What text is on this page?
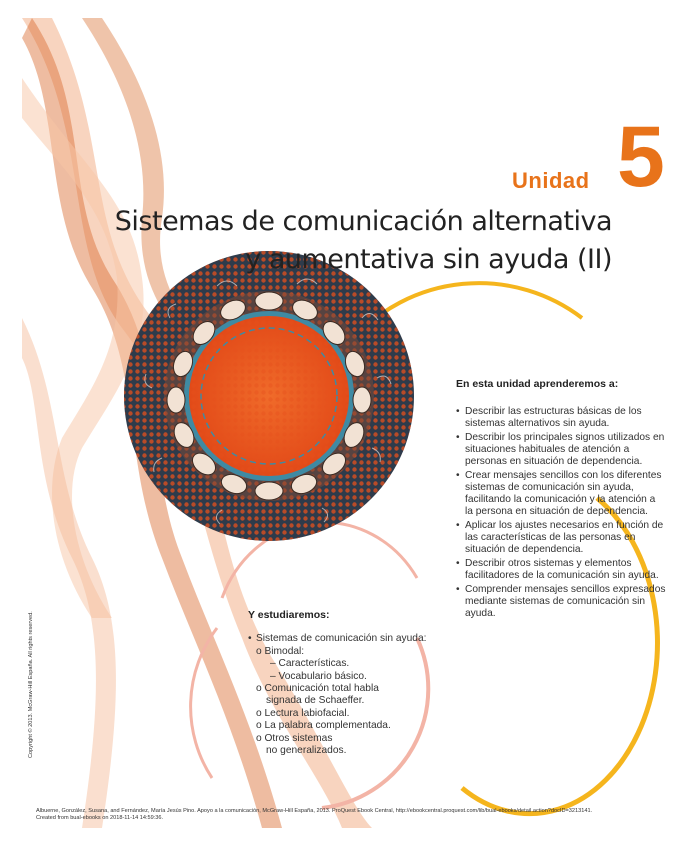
Unidad 5
Sistemas de comunicación alternativa
y aumentativa sin ayuda (II)
En esta unidad aprenderemos a:
• Describir las estructuras básicas de los sistemas alternativos sin ayuda.
• Describir los principales signos utilizados en situaciones habituales de atención a personas en situación de dependencia.
• Crear mensajes sencillos con los diferentes sistemas de comunicación sin ayuda, facilitando la comunicación y la atención a la persona en situación de dependencia.
• Aplicar los ajustes necesarios en función de las características de las personas en situación de dependencia.
• Describir otros sistemas y elementos facilitadores de la comunicación sin ayuda.
• Comprender mensajes sencillos expresados mediante sistemas de comunicación sin ayuda.
Y estudiaremos:
• Sistemas de comunicación sin ayuda:
o Bimodal:
– Características.
– Vocabulario básico.
o Comunicación total habla
signada de Schaeffer.
o Lectura labiofacial.
o La palabra complementada.
o Otros sistemas
no generalizados.
Copyright © 2013. McGraw-Hill España. All rights reserved.
Albuerne, González, Susana, and Fernández, María Jesús Pino. Apoyo a la comunicación, McGraw-Hill España, 2013. ProQuest Ebook Central, http://ebookcentral.proquest.com/lib/bual-ebooks/detail.action?docID=3213141.
Created from bual-ebooks on 2018-11-14 14:59:36.
